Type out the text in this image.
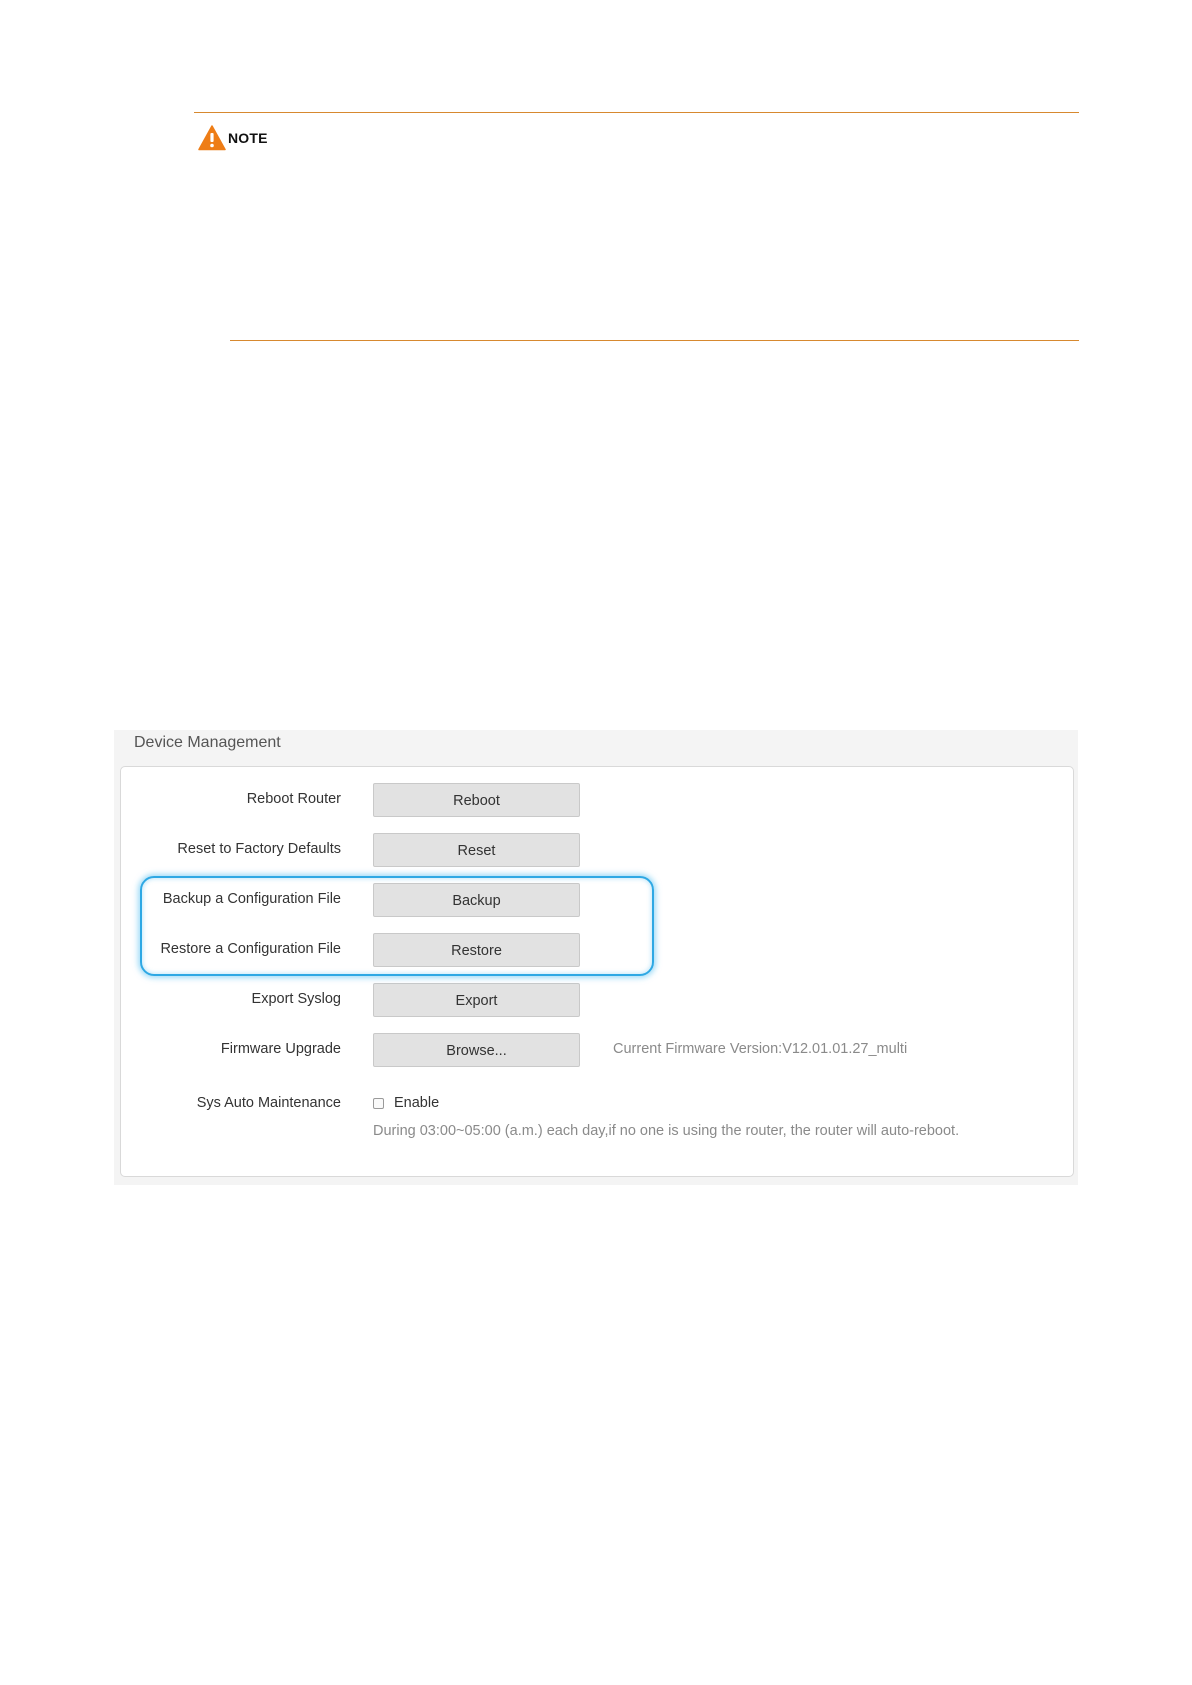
NOTE
Device Management
Reboot Router	Reboot
Reset to Factory Defaults	Reset
Backup a Configuration File	Backup
Restore a Configuration File	Restore
Export Syslog	Export
Firmware Upgrade	Browse...	Current Firmware Version:V12.01.01.27_multi
Sys Auto Maintenance	Enable
During 03:00~05:00 (a.m.) each day,if no one is using the router, the router will auto-reboot.
